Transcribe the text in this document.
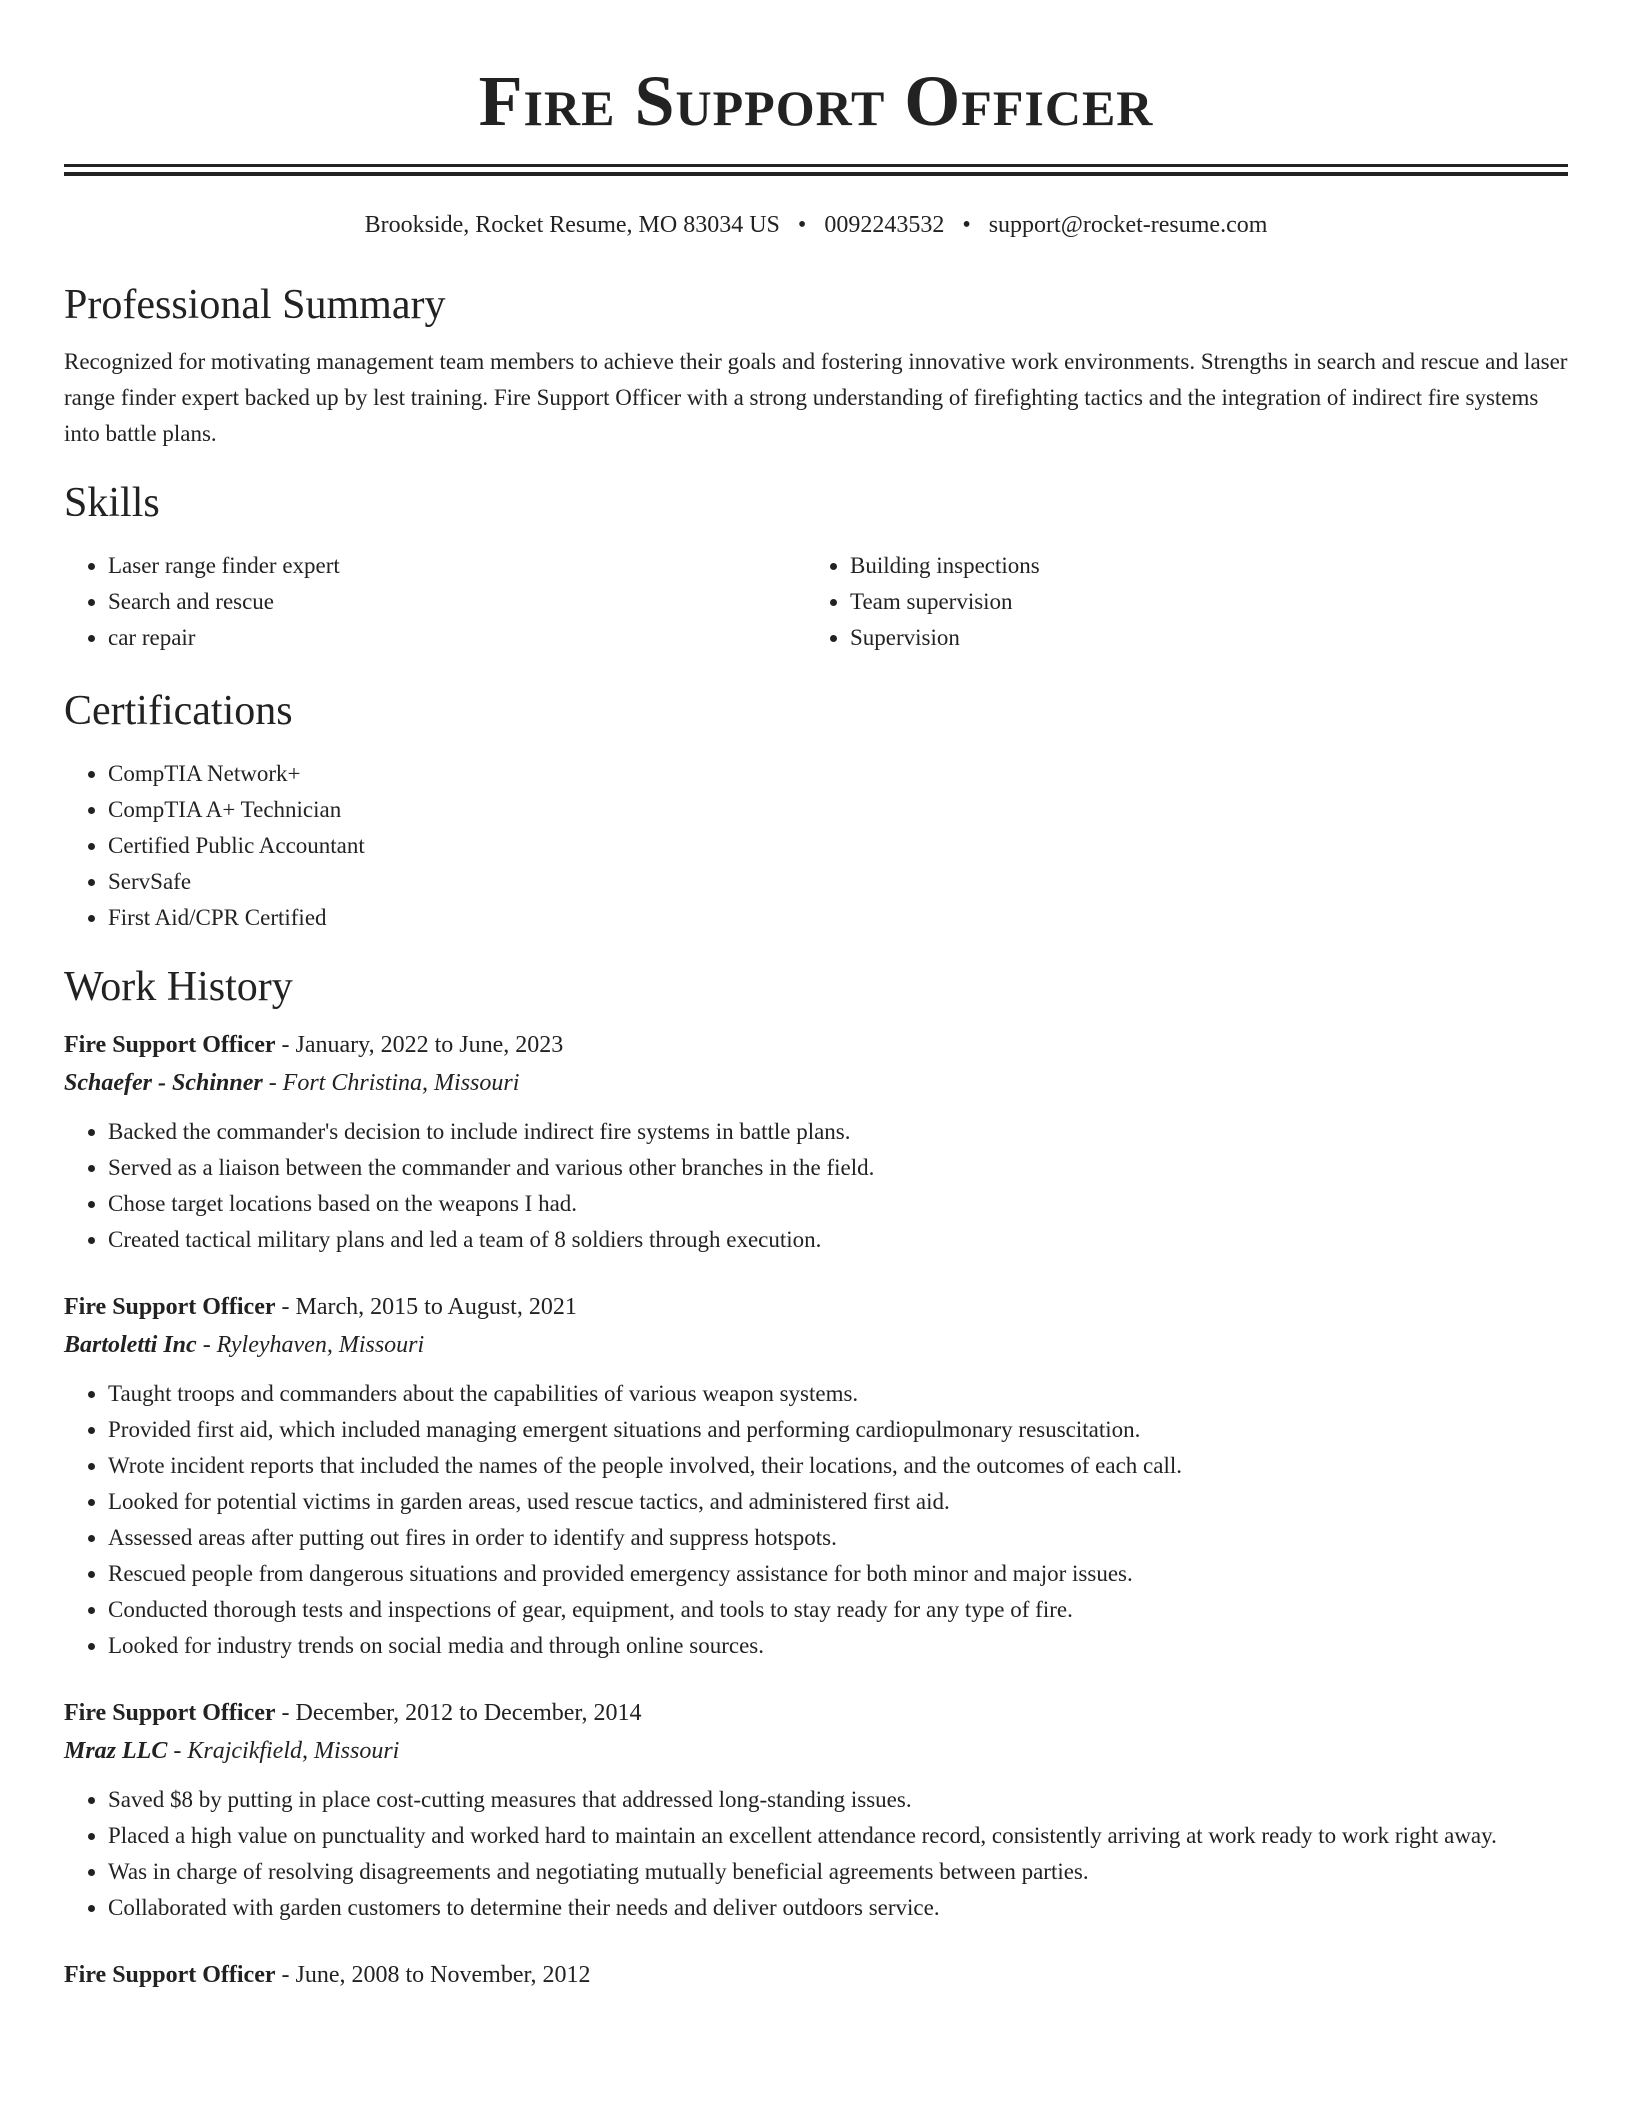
Fire Support Officer
Brookside, Rocket Resume, MO 83034 US • 0092243532 • support@rocket-resume.com
Professional Summary

Recognized for motivating management team members to achieve their goals and fostering innovative work environments. Strengths in search and rescue and laser range finder expert backed up by lest training. Fire Support Officer with a strong understanding of firefighting tactics and the integration of indirect fire systems into battle plans.

Skills
• Laser range finder expert
• Search and rescue
• car repair
• Building inspections
• Team supervision
• Supervision
Certifications
• CompTIA Network+
• CompTIA A+ Technician
• Certified Public Accountant
• ServSafe
• First Aid/CPR Certified
Work History
Fire Support Officer - January, 2022 to June, 2023
Schaefer - Schinner - Fort Christina, Missouri
• Backed the commander's decision to include indirect fire systems in battle plans.
• Served as a liaison between the commander and various other branches in the field.
• Chose target locations based on the weapons I had.
• Created tactical military plans and led a team of 8 soldiers through execution.
Fire Support Officer - March, 2015 to August, 2021
Bartoletti Inc - Ryleyhaven, Missouri
• Taught troops and commanders about the capabilities of various weapon systems.
• Provided first aid, which included managing emergent situations and performing cardiopulmonary resuscitation.
• Wrote incident reports that included the names of the people involved, their locations, and the outcomes of each call.
• Looked for potential victims in garden areas, used rescue tactics, and administered first aid.
• Assessed areas after putting out fires in order to identify and suppress hotspots.
• Rescued people from dangerous situations and provided emergency assistance for both minor and major issues.
• Conducted thorough tests and inspections of gear, equipment, and tools to stay ready for any type of fire.
• Looked for industry trends on social media and through online sources.
Fire Support Officer - December, 2012 to December, 2014
Mraz LLC - Krajcikfield, Missouri
• Saved $8 by putting in place cost-cutting measures that addressed long-standing issues.
• Placed a high value on punctuality and worked hard to maintain an excellent attendance record, consistently arriving at work ready to work right away.
• Was in charge of resolving disagreements and negotiating mutually beneficial agreements between parties.
• Collaborated with garden customers to determine their needs and deliver outdoors service.
Fire Support Officer - June, 2008 to November, 2012
